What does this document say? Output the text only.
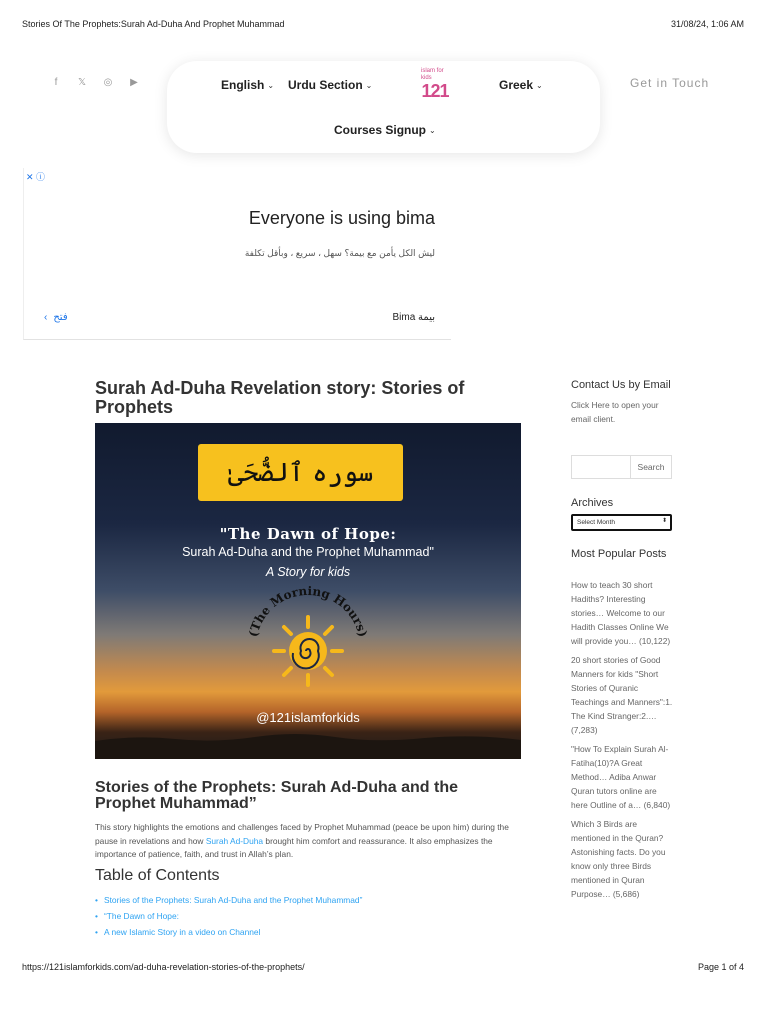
Stories Of The Prophets:Surah Ad-Duha And Prophet Muhammad	31/08/24, 1:06 AM
f	𝕏 ◎ ▶	English ⌄ Urdu Section ⌄
islam for kids
121	Greek ⌄
Courses Signup ⌄
Get in Touch
✕ ⓘ
Everyone is using bima
ليش الكل يأمن مع بيمة؟ سهل ، سريع ، وبأقل تكلفة
‹ فتح	Bima بيمة
Surah Ad-Duha Revelation story: Stories of Prophets
سوره ٱلضُّحَىٰ
"The Dawn of Hope:
Surah Ad-Duha and the Prophet Muhammad"
A Story for kids
(The Morning Hours)
@121islamforkids
Stories of the Prophets: Surah Ad-Duha and the Prophet Muhammad”

This story highlights the emotions and challenges faced by Prophet Muhammad (peace be upon him) during the pause in revelations and how Surah Ad-Duha brought him comfort and reassurance. It also emphasizes the importance of patience, faith, and trust in Allah’s plan.

Table of Contents
• Stories of the Prophets: Surah Ad-Duha and the Prophet Muhammad”
• “The Dawn of Hope:
• A new Islamic Story in a video on Channel
Contact Us by Email
Click Here to open your email client.
Search
Archives
Select Month	⬍
Most Popular Posts
How to teach 30 short Hadiths? Interesting stories… Welcome to our Hadith Classes Online We will provide you… (10,122)
20 short stories of Good Manners for kids "Short Stories of Quranic Teachings and Manners":1. The Kind Stranger:2.… (7,283)
"How To Explain Surah Al-Fatiha(10)?A Great Method… Adiba Anwar Quran tutors online are here Outline of a… (6,840)
Which 3 Birds are mentioned in the Quran? Astonishing facts. Do you know only three Birds mentioned in Quran Purpose… (5,686)
https://121islamforkids.com/ad-duha-revelation-stories-of-the-prophets/	Page 1 of 4
